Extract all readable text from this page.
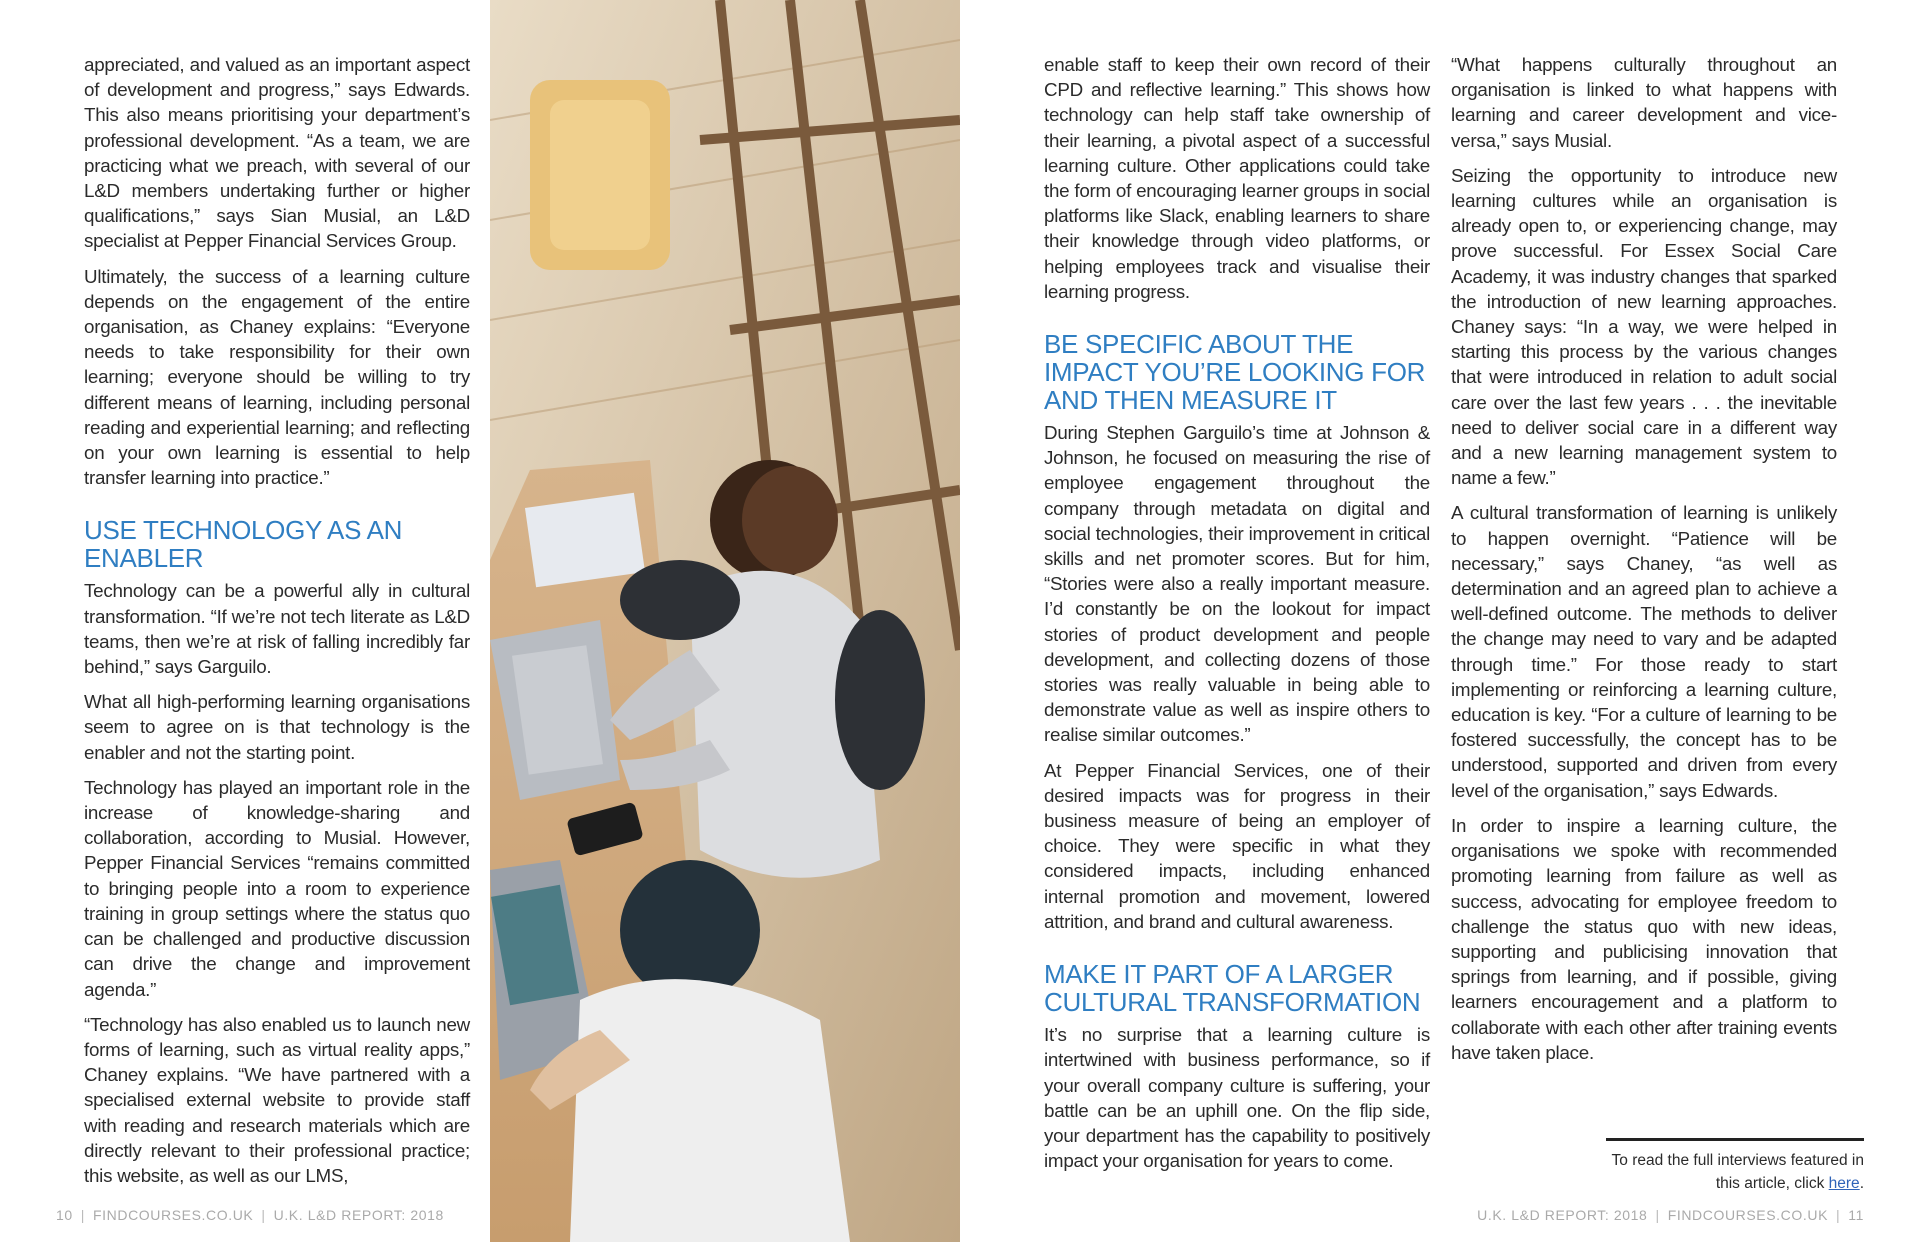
appreciated, and valued as an important aspect of development and progress,” says Edwards. This also means prioritising your department’s professional development. “As a team, we are practicing what we preach, with several of our L&D members undertaking further or higher qualifications,” says Sian Musial, an L&D specialist at Pepper Financial Services Group.

Ultimately, the success of a learning culture depends on the engagement of the entire organisation, as Chaney explains: “Everyone needs to take responsibility for their own learning; everyone should be willing to try different means of learning, including personal reading and experiential learning; and reflecting on your own learning is essential to help transfer learning into practice.”

USE TECHNOLOGY AS AN ENABLER

Technology can be a powerful ally in cultural transformation. “If we’re not tech literate as L&D teams, then we’re at risk of falling incredibly far behind,” says Garguilo.

What all high-performing learning organisations seem to agree on is that technology is the enabler and not the starting point.

Technology has played an important role in the increase of knowledge-sharing and collaboration, according to Musial. However, Pepper Financial Services “remains committed to bringing people into a room to experience training in group settings where the status quo can be challenged and productive discussion can drive the change and improvement agenda.”

“Technology has also enabled us to launch new forms of learning, such as virtual reality apps,” Chaney explains. “We have partnered with a specialised external website to provide staff with reading and research materials which are directly relevant to their professional practice; this website, as well as our LMS,

10 | FINDCOURSES.CO.UK | U.K. L&D REPORT: 2018

enable staff to keep their own record of their CPD and reflective learning.” This shows how technology can help staff take ownership of their learning, a pivotal aspect of a successful learning culture. Other applications could take the form of encouraging learner groups in social platforms like Slack, enabling learners to share their knowledge through video platforms, or helping employees track and visualise their learning progress.

BE SPECIFIC ABOUT THE IMPACT YOU’RE LOOKING FOR AND THEN MEASURE IT

During Stephen Garguilo’s time at Johnson & Johnson, he focused on measuring the rise of employee engagement throughout the company through metadata on digital and social technologies, their improvement in critical skills and net promoter scores. But for him, “Stories were also a really important measure. I’d constantly be on the lookout for impact stories of product development and people development, and collecting dozens of those stories was really valuable in being able to demonstrate value as well as inspire others to realise similar outcomes.”

At Pepper Financial Services, one of their desired impacts was for progress in their business measure of being an employer of choice. They were specific in what they considered impacts, including enhanced internal promotion and movement, lowered attrition, and brand and cultural awareness.

MAKE IT PART OF A LARGER CULTURAL TRANSFORMATION

It’s no surprise that a learning culture is intertwined with business performance, so if your overall company culture is suffering, your battle can be an uphill one. On the flip side, your department has the capability to positively impact your organisation for years to come.

“What happens culturally throughout an organisation is linked to what happens with learning and career development and vice-versa,” says Musial.

Seizing the opportunity to introduce new learning cultures while an organisation is already open to, or experiencing change, may prove successful. For Essex Social Care Academy, it was industry changes that sparked the introduction of new learning approaches. Chaney says: “In a way, we were helped in starting this process by the various changes that were introduced in relation to adult social care over the last few years . . . the inevitable need to deliver social care in a different way and a new learning management system to name a few.”

A cultural transformation of learning is unlikely to happen overnight. “Patience will be necessary,” says Chaney, “as well as determination and an agreed plan to achieve a well-defined outcome. The methods to deliver the change may need to vary and be adapted through time.” For those ready to start implementing or reinforcing a learning culture, education is key. “For a culture of learning to be fostered successfully, the concept has to be understood, supported and driven from every level of the organisation,” says Edwards.

In order to inspire a learning culture, the organisations we spoke with recommended promoting learning from failure as well as success, advocating for employee freedom to challenge the status quo with new ideas, supporting and publicising innovation that springs from learning, and if possible, giving learners encouragement and a platform to collaborate with each other after training events have taken place.

To read the full interviews featured in this article, click here.
U.K. L&D REPORT: 2018 | FINDCOURSES.CO.UK | 11
